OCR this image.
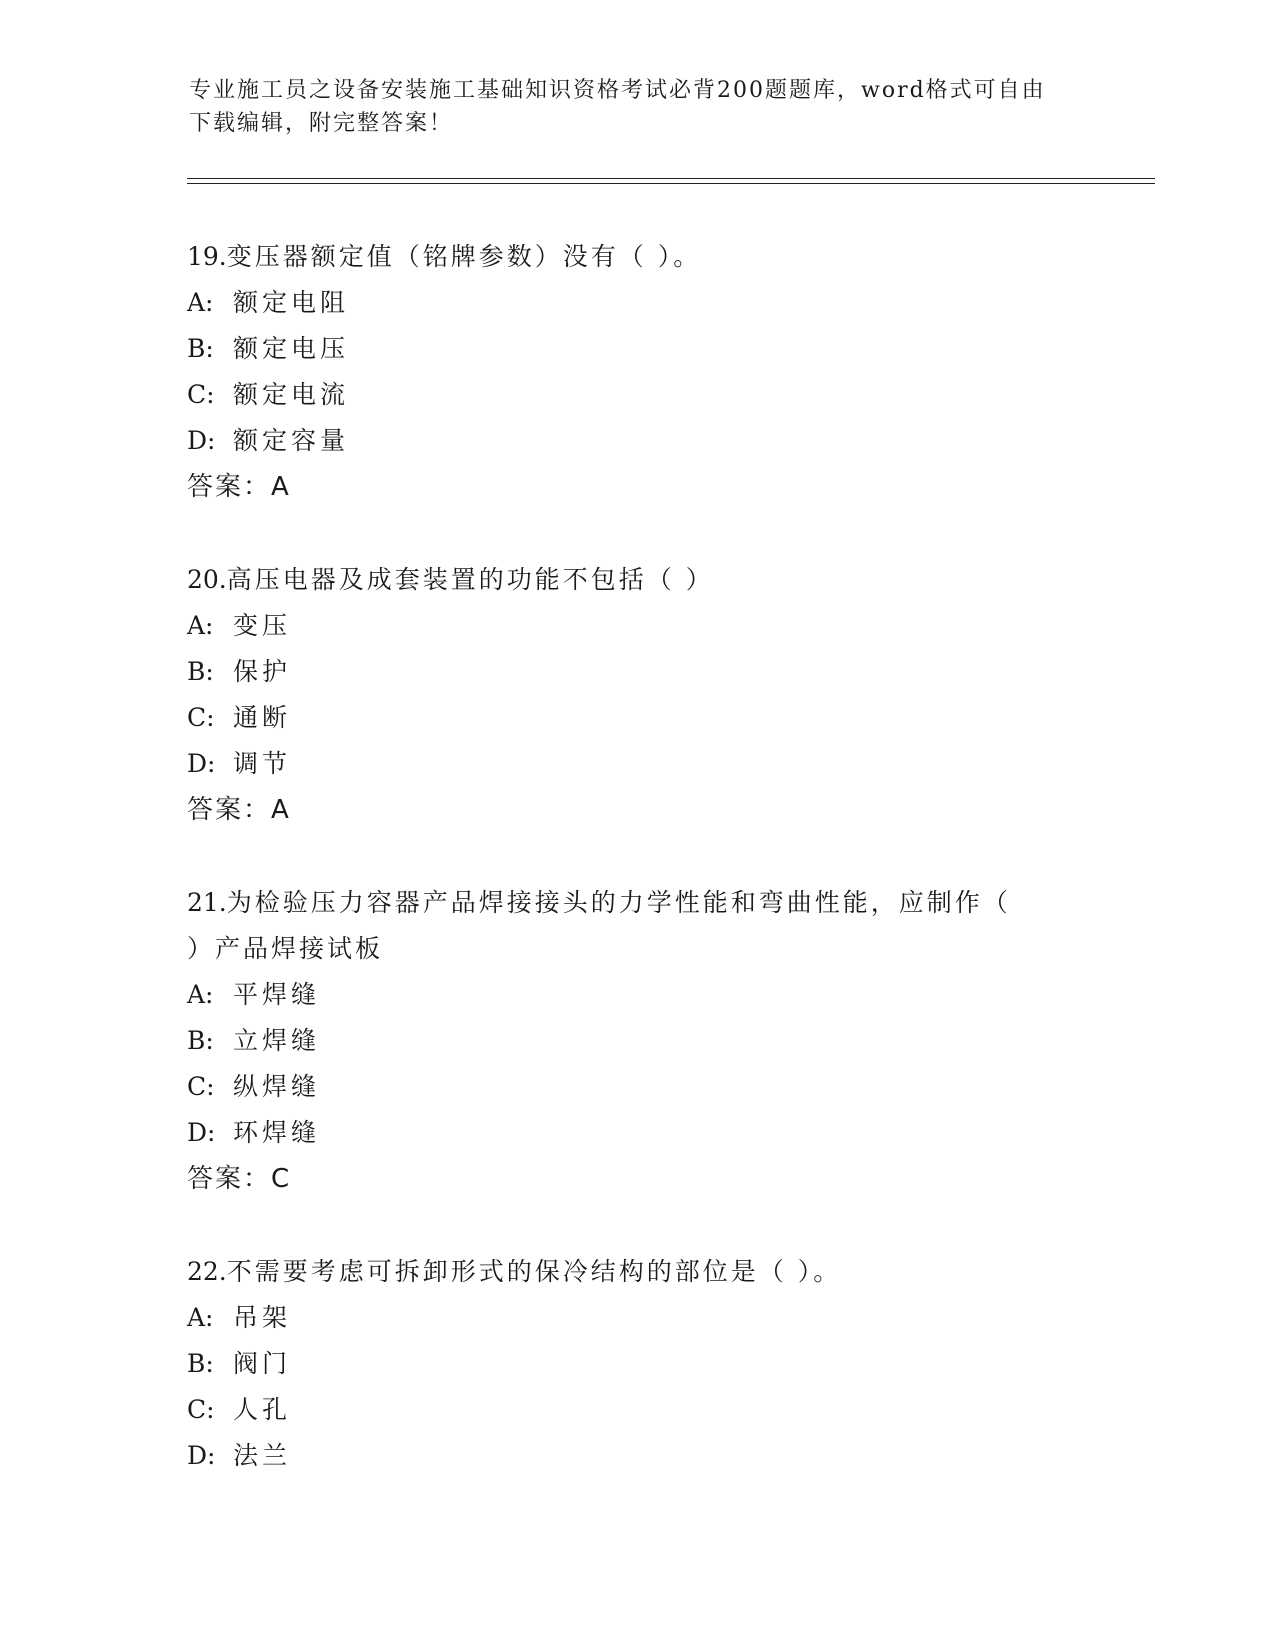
专业施工员之设备安装施工基础知识资格考试必背200题题库，word格式可自由
下载编辑，附完整答案！
19.变压器额定值（铭牌参数）没有（ ）。
A: 额定电阻
B: 额定电压
C: 额定电流
D: 额定容量
答案：A
20.高压电器及成套装置的功能不包括（ ）
A: 变压
B: 保护
C: 通断
D: 调节
答案：A
21.为检验压力容器产品焊接接头的力学性能和弯曲性能，应制作（
）产品焊接试板
A: 平焊缝
B: 立焊缝
C: 纵焊缝
D: 环焊缝
答案：C
22.不需要考虑可拆卸形式的保冷结构的部位是（ ）。
A: 吊架
B: 阀门
C: 人孔
D: 法兰
